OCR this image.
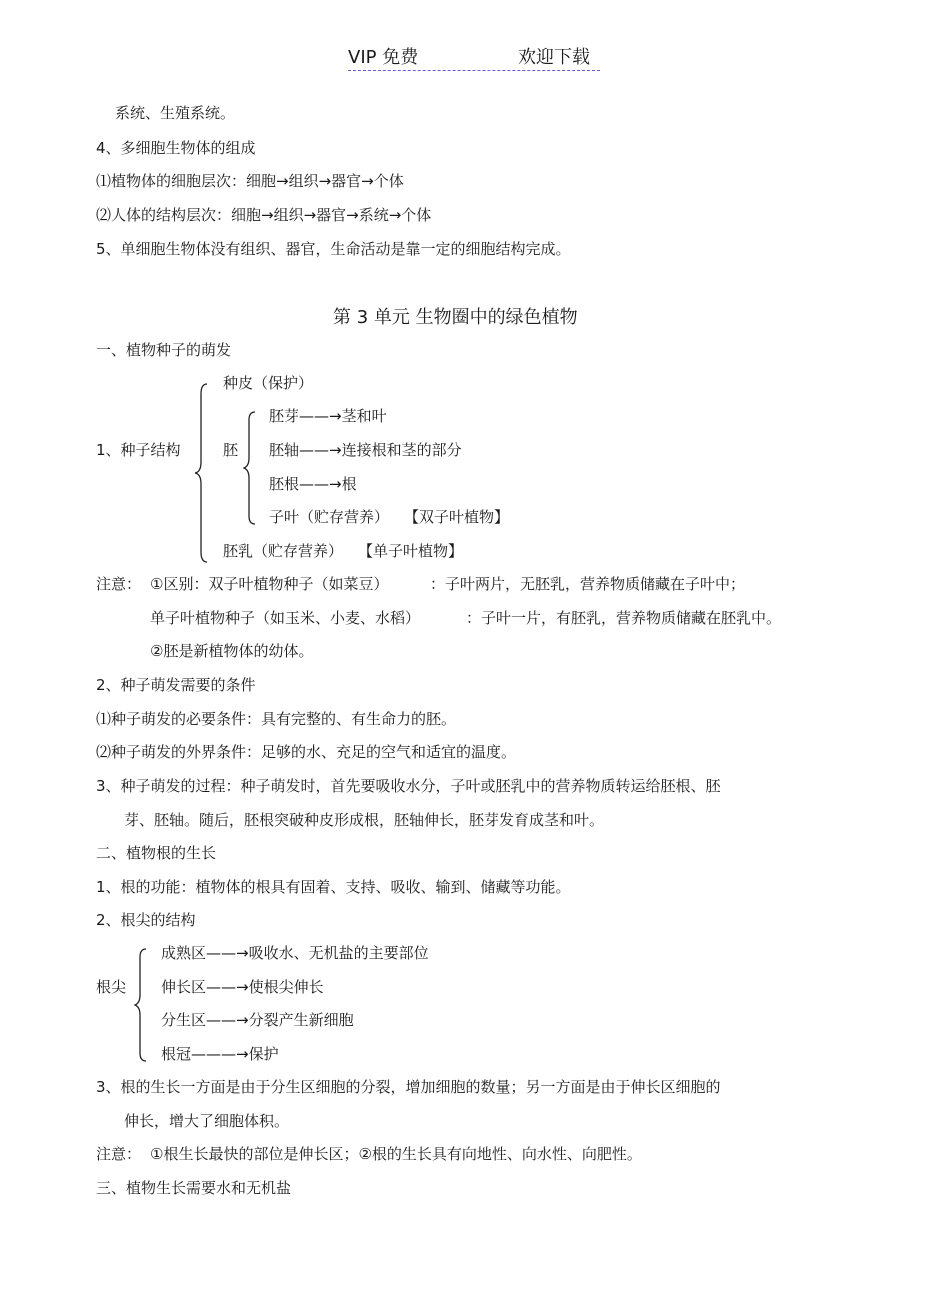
VIP 免费	欢迎下载
系统、生殖系统。
4、多细胞生物体的组成
⑴植物体的细胞层次：细胞→组织→器官→个体
⑵人体的结构层次：细胞→组织→器官→系统→个体
5、单细胞生物体没有组织、器官，生命活动是靠一定的细胞结构完成。
第 3 单元 生物圈中的绿色植物
一、植物种子的萌发
1、种子结构
种皮（保护）
胚
胚芽——→茎和叶
胚轴——→连接根和茎的部分
胚根——→根
子叶（贮存营养） 【双子叶植物】
胚乳（贮存营养） 【单子叶植物】
注意： ①区别：双子叶植物种子（如菜豆）	：子叶两片，无胚乳，营养物质储藏在子叶中；
单子叶植物种子（如玉米、小麦、水稻）	：子叶一片，有胚乳，营养物质储藏在胚乳中。
②胚是新植物体的幼体。
2、种子萌发需要的条件
⑴种子萌发的必要条件：具有完整的、有生命力的胚。
⑵种子萌发的外界条件：足够的水、充足的空气和适宜的温度。
3、种子萌发的过程：种子萌发时，首先要吸收水分，子叶或胚乳中的营养物质转运给胚根、胚
芽、胚轴。随后，胚根突破种皮形成根，胚轴伸长，胚芽发育成茎和叶。
二、植物根的生长
1、根的功能：植物体的根具有固着、支持、吸收、输到、储藏等功能。
2、根尖的结构
根尖
成熟区——→吸收水、无机盐的主要部位
伸长区——→使根尖伸长
分生区——→分裂产生新细胞
根冠———→保护
3、根的生长一方面是由于分生区细胞的分裂，增加细胞的数量；另一方面是由于伸长区细胞的
伸长，增大了细胞体积。
注意： ①根生长最快的部位是伸长区；②根的生长具有向地性、向水性、向肥性。
三、植物生长需要水和无机盐
